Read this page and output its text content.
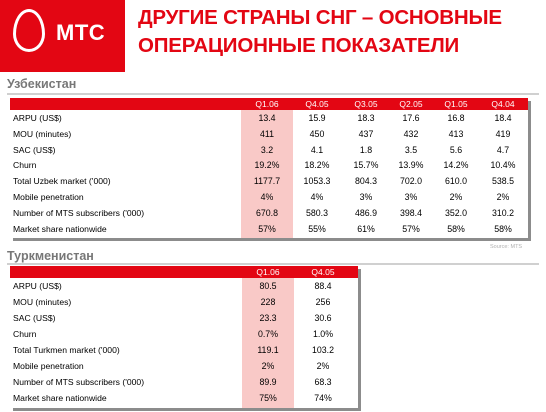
МТС
ДРУГИЕ СТРАНЫ СНГ – ОСНОВНЫЕ ОПЕРАЦИОННЫЕ ПОКАЗАТЕЛИ
Узбекистан
Q1.06	Q4.05	Q3.05	Q2.05	Q1.05	Q4.04
ARPU (US$)	13.4	15.9	18.3	17.6	16.8	18.4
MOU (minutes)	411	450	437	432	413	419
SAC (US$)	3.2	4.1	1.8	3.5	5.6	4.7
Churn	19.2%	18.2%	15.7%	13.9%	14.2%	10.4%
Total Uzbek market ('000)	1177.7	1053.3	804.3	702.0	610.0	538.5
Mobile penetration	4%	4%	3%	3%	2%	2%
Number of MTS subscribers ('000)	670.8	580.3	486.9	398.4	352.0	310.2
Market share nationwide	57%	55%	61%	57%	58%	58%
Source: MTS
Туркменистан
Q1.06	Q4.05
ARPU (US$)	80.5	88.4
MOU (minutes)	228	256
SAC (US$)	23.3	30.6
Churn	0.7%	1.0%
Total Turkmen market ('000)	119.1	103.2
Mobile penetration	2%	2%
Number of MTS subscribers ('000)	89.9	68.3
Market share nationwide	75%	74%
